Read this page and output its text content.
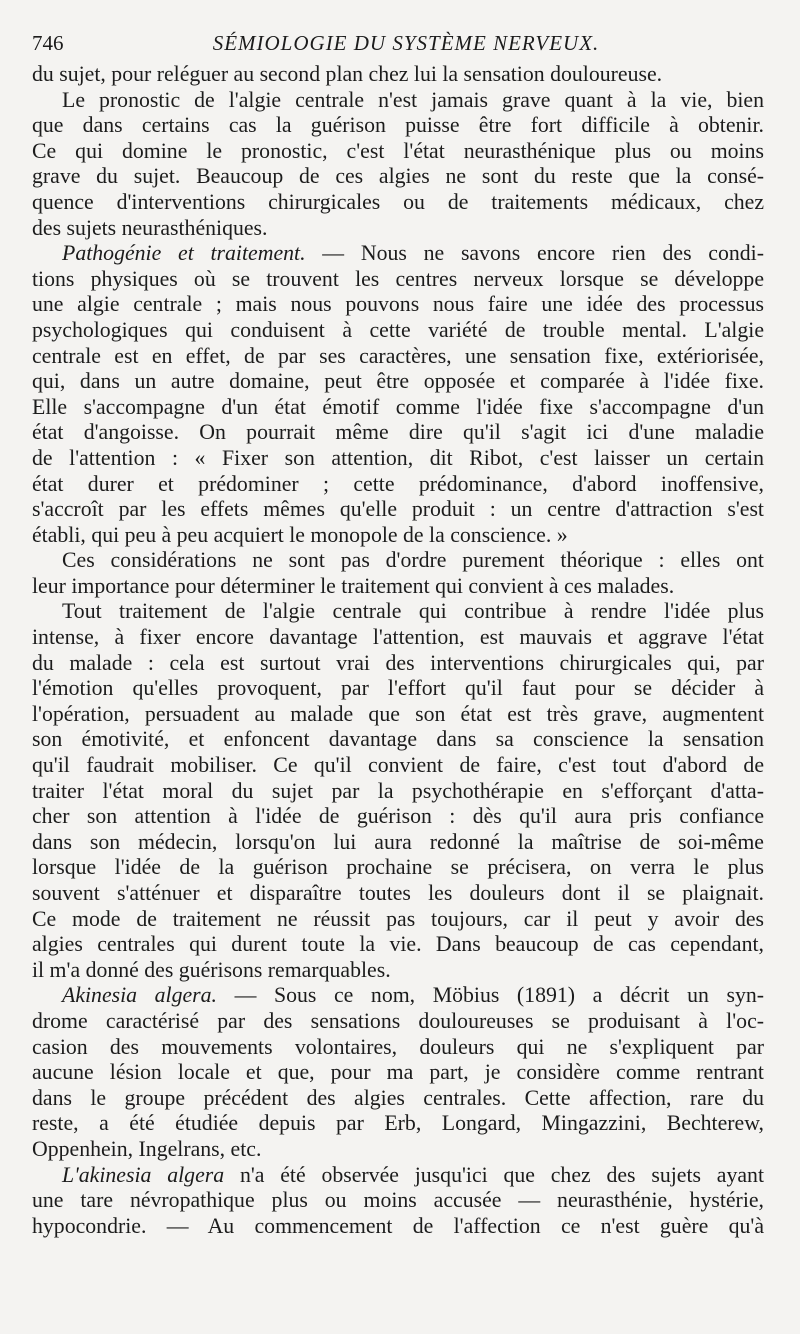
746	SÉMIOLOGIE DU SYSTÈME NERVEUX.
du sujet, pour reléguer au second plan chez lui la sensation douloureuse.
Le pronostic de l'algie centrale n'est jamais grave quant à la vie, bien
que dans certains cas la guérison puisse être fort difficile à obtenir.
Ce qui domine le pronostic, c'est l'état neurasthénique plus ou moins
grave du sujet. Beaucoup de ces algies ne sont du reste que la consé-
quence d'interventions chirurgicales ou de traitements médicaux, chez
des sujets neurasthéniques.
Pathogénie et traitement. — Nous ne savons encore rien des condi-
tions physiques où se trouvent les centres nerveux lorsque se développe
une algie centrale ; mais nous pouvons nous faire une idée des processus
psychologiques qui conduisent à cette variété de trouble mental. L'algie
centrale est en effet, de par ses caractères, une sensation fixe, extériorisée,
qui, dans un autre domaine, peut être opposée et comparée à l'idée fixe.
Elle s'accompagne d'un état émotif comme l'idée fixe s'accompagne d'un
état d'angoisse. On pourrait même dire qu'il s'agit ici d'une maladie
de l'attention : « Fixer son attention, dit Ribot, c'est laisser un certain
état durer et prédominer ; cette prédominance, d'abord inoffensive,
s'accroît par les effets mêmes qu'elle produit : un centre d'attraction s'est
établi, qui peu à peu acquiert le monopole de la conscience. »
Ces considérations ne sont pas d'ordre purement théorique : elles ont
leur importance pour déterminer le traitement qui convient à ces malades.
Tout traitement de l'algie centrale qui contribue à rendre l'idée plus
intense, à fixer encore davantage l'attention, est mauvais et aggrave l'état
du malade : cela est surtout vrai des interventions chirurgicales qui, par
l'émotion qu'elles provoquent, par l'effort qu'il faut pour se décider à
l'opération, persuadent au malade que son état est très grave, augmentent
son émotivité, et enfoncent davantage dans sa conscience la sensation
qu'il faudrait mobiliser. Ce qu'il convient de faire, c'est tout d'abord de
traiter l'état moral du sujet par la psychothérapie en s'efforçant d'atta-
cher son attention à l'idée de guérison : dès qu'il aura pris confiance
dans son médecin, lorsqu'on lui aura redonné la maîtrise de soi-même
lorsque l'idée de la guérison prochaine se précisera, on verra le plus
souvent s'atténuer et disparaître toutes les douleurs dont il se plaignait.
Ce mode de traitement ne réussit pas toujours, car il peut y avoir des
algies centrales qui durent toute la vie. Dans beaucoup de cas cependant,
il m'a donné des guérisons remarquables.
Akinesia algera. — Sous ce nom, Möbius (1891) a décrit un syn-
drome caractérisé par des sensations douloureuses se produisant à l'oc-
casion des mouvements volontaires, douleurs qui ne s'expliquent par
aucune lésion locale et que, pour ma part, je considère comme rentrant
dans le groupe précédent des algies centrales. Cette affection, rare du
reste, a été étudiée depuis par Erb, Longard, Mingazzini, Bechterew,
Oppenhein, Ingelrans, etc.
L'akinesia algera n'a été observée jusqu'ici que chez des sujets ayant
une tare névropathique plus ou moins accusée — neurasthénie, hystérie,
hypocondrie. — Au commencement de l'affection ce n'est guère qu'à
